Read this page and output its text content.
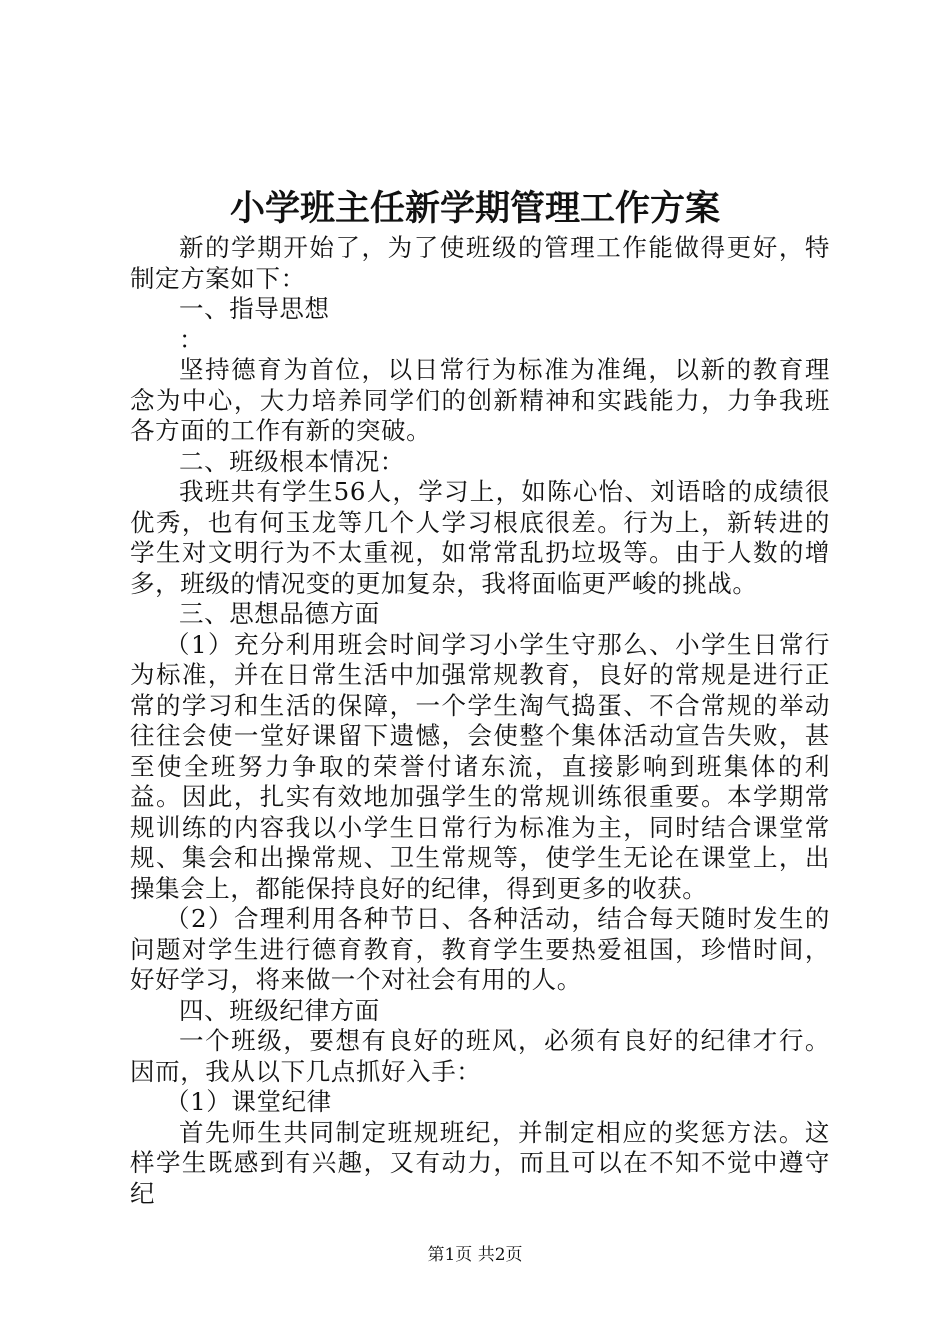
小学班主任新学期管理工作方案

新的学期开始了，为了使班级的管理工作能做得更好，特制定方案如下：

一、指导思想

：

坚持德育为首位，以日常行为标准为准绳，以新的教育理念为中心，大力培养同学们的创新精神和实践能力，力争我班各方面的工作有新的突破。

二、班级根本情况：

我班共有学生56人，学习上，如陈心怡、刘语晗的成绩很优秀，也有何玉龙等几个人学习根底很差。行为上，新转进的学生对文明行为不太重视，如常常乱扔垃圾等。由于人数的增多，班级的情况变的更加复杂，我将面临更严峻的挑战。

三、思想品德方面

（1）充分利用班会时间学习小学生守那么、小学生日常行为标准，并在日常生活中加强常规教育，良好的常规是进行正常的学习和生活的保障，一个学生淘气捣蛋、不合常规的举动往往会使一堂好课留下遗憾，会使整个集体活动宣告失败，甚至使全班努力争取的荣誉付诸东流，直接影响到班集体的利益。因此，扎实有效地加强学生的常规训练很重要。本学期常规训练的内容我以小学生日常行为标准为主，同时结合课堂常规、集会和出操常规、卫生常规等，使学生无论在课堂上，出操集会上，都能保持良好的纪律，得到更多的收获。

（2）合理利用各种节日、各种活动，结合每天随时发生的问题对学生进行德育教育，教育学生要热爱祖国，珍惜时间，好好学习，将来做一个对社会有用的人。

四、班级纪律方面

一个班级，要想有良好的班风，必须有良好的纪律才行。因而，我从以下几点抓好入手：

（1）课堂纪律

首先师生共同制定班规班纪，并制定相应的奖惩方法。这样学生既感到有兴趣，又有动力，而且可以在不知不觉中遵守纪

第1页 共2页
